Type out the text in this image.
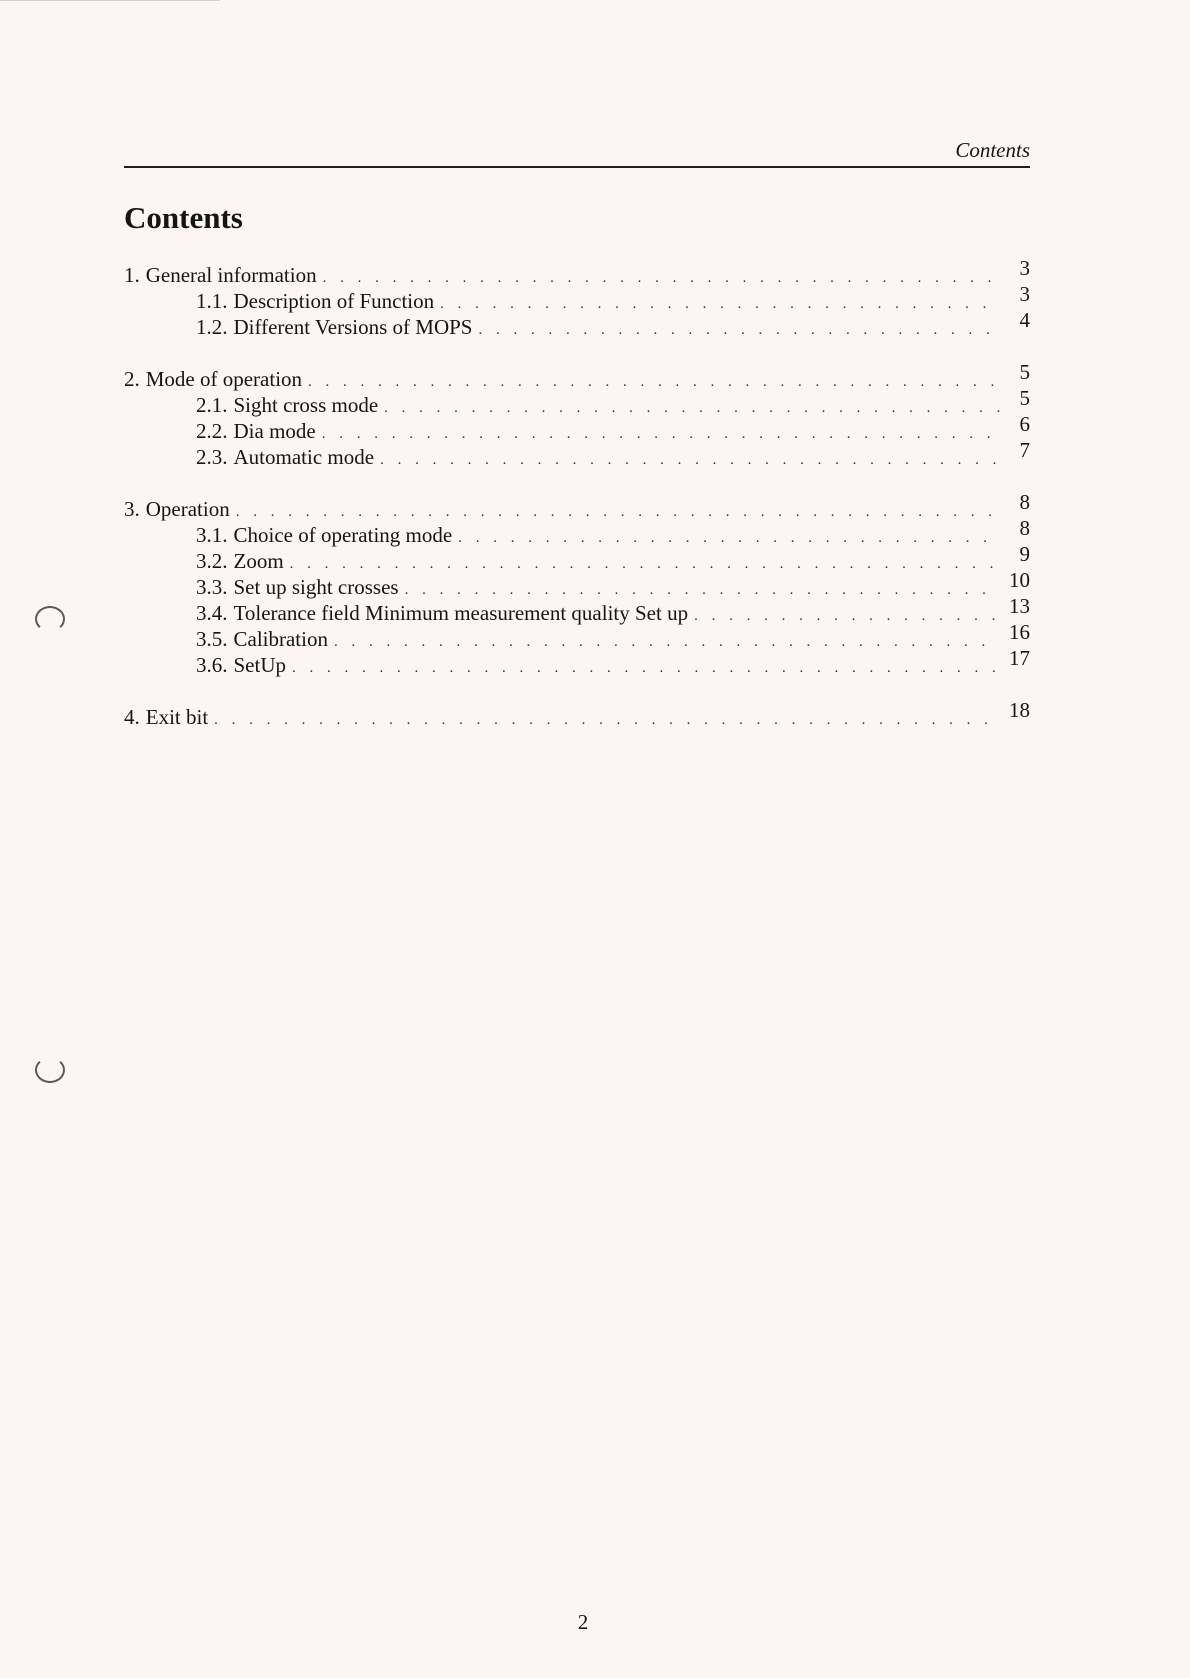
Contents
Contents
1. General information . . .	3
1.1. Description of Function . . .	3
1.2. Different Versions of MOPS . . .	4
2. Mode of operation . . .	5
2.1. Sight cross mode . . .	5
2.2. Dia mode . . .	6
2.3. Automatic mode . . .	7
3. Operation . . .	8
3.1. Choice of operating mode . . .	8
3.2. Zoom . . .	9
3.3. Set up sight crosses . . .	10
3.4. Tolerance field Minimum measurement quality Set up . . .	13
3.5. Calibration . . .	16
3.6. SetUp . . .	17
4. Exit bit . . .	18
2
